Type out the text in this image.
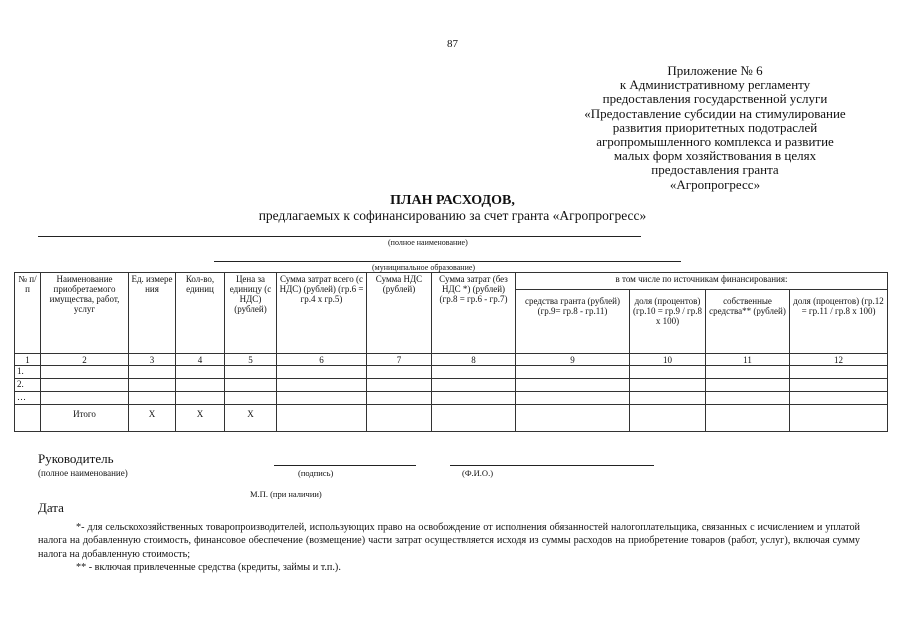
87
Приложение № 6
к Административному регламенту
предоставления государственной услуги
«Предоставление субсидии на стимулирование
развития приоритетных подотраслей
агропромышленного комплекса и развитие
малых форм хозяйствования в целях
предоставления гранта
«Агропрогресс»
ПЛАН РАСХОДОВ,
предлагаемых к софинансированию за счет гранта «Агропрогресс»
(полное наименование)
(муниципальное образование)
№ п/п	Наименование приобретаемого имущества, работ, услуг	Ед. измере ния	Кол-во, единиц	Цена за единицу (с НДС) (рублей)	Сумма затрат всего (с НДС) (рублей) (гр.6 = гр.4 х гр.5)	Сумма НДС (рублей)	Сумма затрат (без НДС *) (рублей) (гр.8 = гр.6 - гр.7)	в том числе по источникам финансирования:			
								средства гранта (рублей) (гр.9= гр.8 - гр.11)	доля (процентов) (гр.10 = гр.9 / гр.8 х 100)	собственные средства** (рублей)	доля (процентов) (гр.12 = гр.11 / гр.8 х 100)
1	2	3	4	5	6	7	8	9	10	11	12
1.											
2.											
…											
	Итого	Х	Х	Х							
Руководитель
(полное наименование)	(подпись)	(Ф.И.О.)
М.П. (при наличии)
Дата

*- для сельскохозяйственных товаропроизводителей, использующих право на освобождение от исполнения обязанностей налогоплательщика, связанных с исчислением и уплатой налога на добавленную стоимость, финансовое обеспечение (возмещение) части затрат осуществляется исходя из суммы расходов на приобретение товаров (работ, услуг), включая сумму налога на добавленную стоимость;

** - включая привлеченные средства (кредиты, займы и т.п.).
